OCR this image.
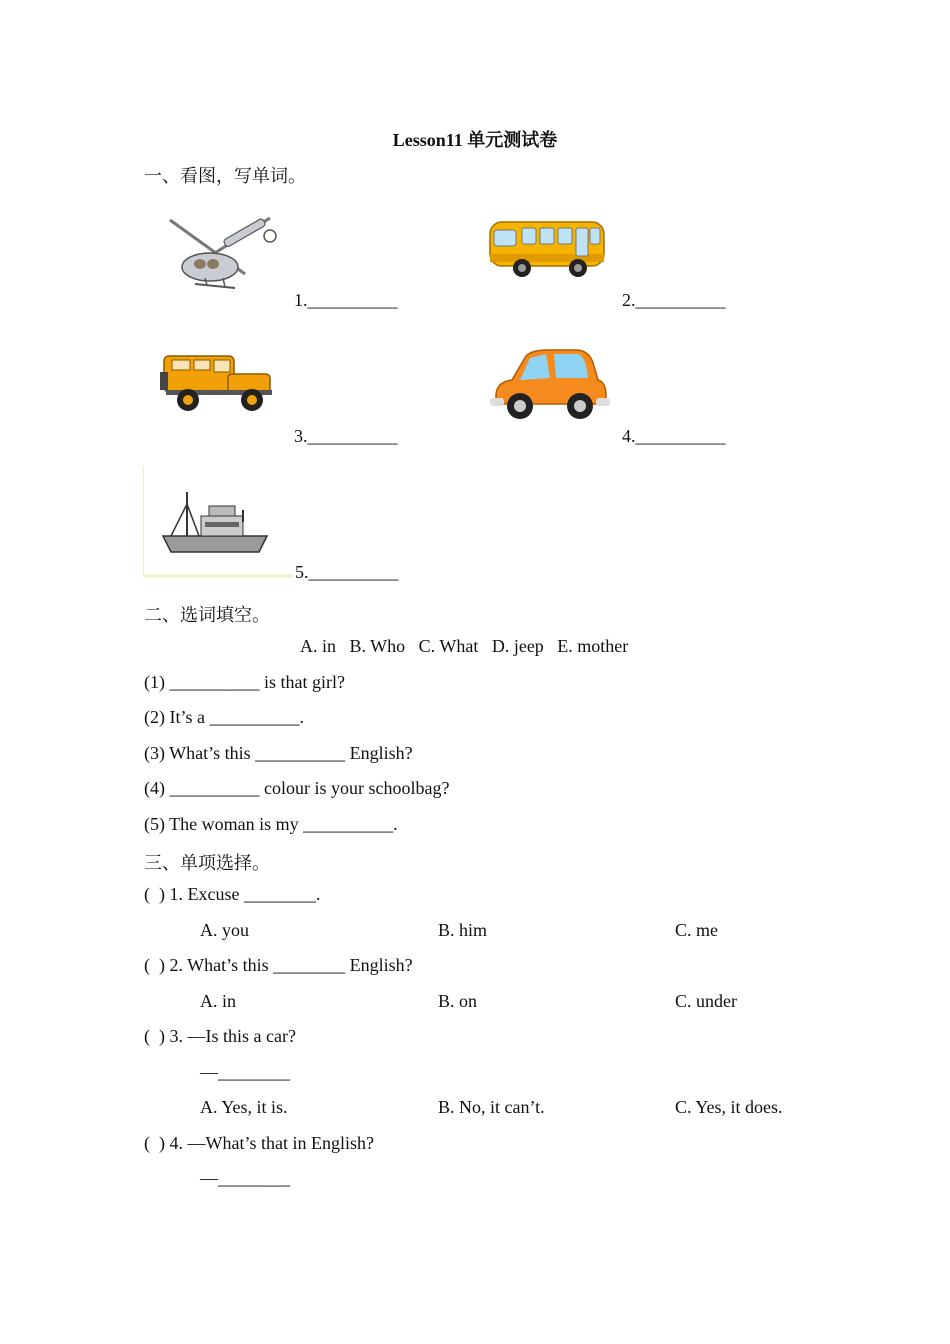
Lesson11 单元测试卷
一、看图，写单词。
1.__________	2.__________
3.__________	4.__________
5.__________
二、选词填空。
A. in   B. Who   C. What   D. jeep   E. mother
(1) __________ is that girl?
(2) It’s a __________.
(3) What’s this __________ English?
(4) __________ colour is your schoolbag?
(5) The woman is my __________.
三、单项选择。
(  ) 1. Excuse ________.
A. you	B. him	C. me
(  ) 2. What’s this ________ English?
A. in	B. on	C. under
(  ) 3. —Is this a car?
—________
A. Yes, it is.	B. No, it can’t.	C. Yes, it does.
(  ) 4. —What’s that in English?
—________
